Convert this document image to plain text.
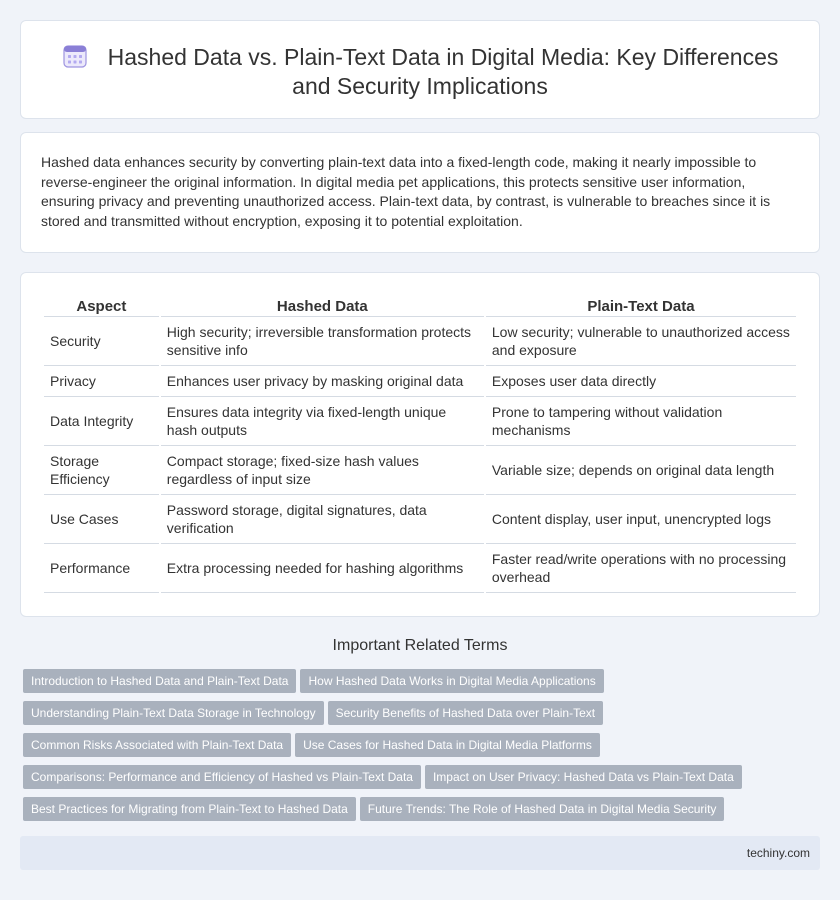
Hashed Data vs. Plain-Text Data in Digital Media: Key Differences and Security Implications

Hashed data enhances security by converting plain-text data into a fixed-length code, making it nearly impossible to reverse-engineer the original information. In digital media pet applications, this protects sensitive user information, ensuring privacy and preventing unauthorized access. Plain-text data, by contrast, is vulnerable to breaches since it is stored and transmitted without encryption, exposing it to potential exploitation.

Aspect	Hashed Data	Plain-Text Data
Security	High security; irreversible transformation protects sensitive info	Low security; vulnerable to unauthorized access and exposure
Privacy	Enhances user privacy by masking original data	Exposes user data directly
Data Integrity	Ensures data integrity via fixed-length unique hash outputs	Prone to tampering without validation mechanisms
Storage Efficiency	Compact storage; fixed-size hash values regardless of input size	Variable size; depends on original data length
Use Cases	Password storage, digital signatures, data verification	Content display, user input, unencrypted logs
Performance	Extra processing needed for hashing algorithms	Faster read/write operations with no processing overhead
Important Related Terms
Introduction to Hashed Data and Plain-Text Data How Hashed Data Works in Digital Media Applications
Understanding Plain-Text Data Storage in Technology Security Benefits of Hashed Data over Plain-Text
Common Risks Associated with Plain-Text Data Use Cases for Hashed Data in Digital Media Platforms
Comparisons: Performance and Efficiency of Hashed vs Plain-Text Data Impact on User Privacy: Hashed Data vs Plain-Text Data
Best Practices for Migrating from Plain-Text to Hashed Data Future Trends: The Role of Hashed Data in Digital Media Security
techiny.com
